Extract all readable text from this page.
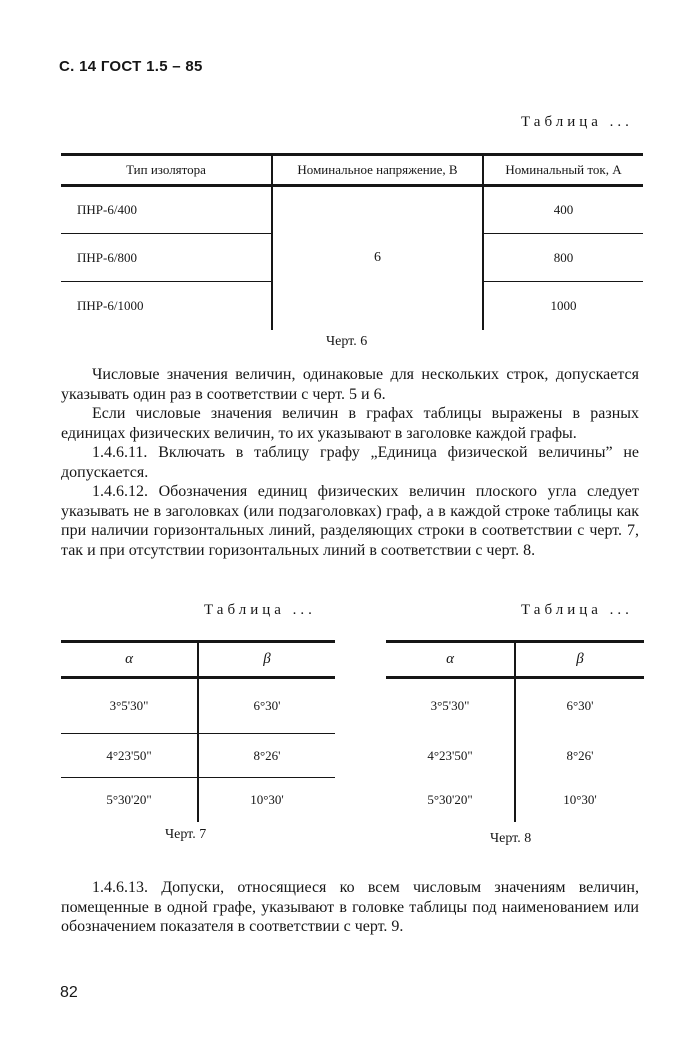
С. 14 ГОСТ 1.5 – 85
Таблица ...
Тип изолятора	Номинальное напряжение, В	Номинальный ток, А
ПНР-6/400	6	400
ПНР-6/800		800
ПНР-6/1000		1000
Черт. 6

Числовые значения величин, одинаковые для нескольких строк, допускается указывать один раз в соответствии с черт. 5 и 6.

Если числовые значения величин в графах таблицы выражены в разных единицах физических величин, то их указывают в заголовке каждой графы.

1.4.6.11. Включать в таблицу графу „Единица физической величины” не допускается.

1.4.6.12. Обозначения единиц физических величин плоского угла следует указывать не в заголовках (или подзаголовках) граф, а в каждой строке таблицы как при наличии горизонтальных линий, разделяющих строки в соответствии с черт. 7, так и при отсутствии горизонтальных линий в соответствии с черт. 8.

Таблица ...	Таблица ...
α	β
3°5'30"	6°30'
4°23'50"	8°26'
5°30'20"	10°30'
α	β
3°5'30"	6°30'
4°23'50"	8°26'
5°30'20"	10°30'
Черт. 7	Черт. 8

1.4.6.13. Допуски, относящиеся ко всем числовым значениям величин, помещенные в одной графе, указывают в головке таблицы под наименованием или обозначением показателя в соответствии с черт. 9.

82
